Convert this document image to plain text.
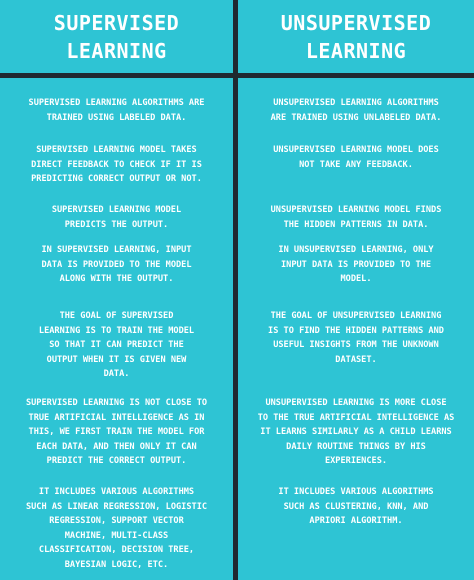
SUPERVISED
LEARNING
SUPERVISED LEARNING ALGORITHMS ARE
TRAINED USING LABELED DATA.
SUPERVISED LEARNING MODEL TAKES
DIRECT FEEDBACK TO CHECK IF IT IS
PREDICTING CORRECT OUTPUT OR NOT.
SUPERVISED LEARNING MODEL
PREDICTS THE OUTPUT.
IN SUPERVISED LEARNING, INPUT
DATA IS PROVIDED TO THE MODEL
ALONG WITH THE OUTPUT.
THE GOAL OF SUPERVISED
LEARNING IS TO TRAIN THE MODEL
SO THAT IT CAN PREDICT THE
OUTPUT WHEN IT IS GIVEN NEW
DATA.
SUPERVISED LEARNING IS NOT CLOSE TO
TRUE ARTIFICIAL INTELLIGENCE AS IN
THIS, WE FIRST TRAIN THE MODEL FOR
EACH DATA, AND THEN ONLY IT CAN
PREDICT THE CORRECT OUTPUT.
IT INCLUDES VARIOUS ALGORITHMS
SUCH AS LINEAR REGRESSION, LOGISTIC
REGRESSION, SUPPORT VECTOR
MACHINE, MULTI-CLASS
CLASSIFICATION, DECISION TREE,
BAYESIAN LOGIC, ETC.
UNSUPERVISED
LEARNING
UNSUPERVISED LEARNING ALGORITHMS
ARE TRAINED USING UNLABELED DATA.
UNSUPERVISED LEARNING MODEL DOES
NOT TAKE ANY FEEDBACK.
UNSUPERVISED LEARNING MODEL FINDS
THE HIDDEN PATTERNS IN DATA.
IN UNSUPERVISED LEARNING, ONLY
INPUT DATA IS PROVIDED TO THE
MODEL.
THE GOAL OF UNSUPERVISED LEARNING
IS TO FIND THE HIDDEN PATTERNS AND
USEFUL INSIGHTS FROM THE UNKNOWN
DATASET.
UNSUPERVISED LEARNING IS MORE CLOSE
TO THE TRUE ARTIFICIAL INTELLIGENCE AS
IT LEARNS SIMILARLY AS A CHILD LEARNS
DAILY ROUTINE THINGS BY HIS
EXPERIENCES.
IT INCLUDES VARIOUS ALGORITHMS
SUCH AS CLUSTERING, KNN, AND
APRIORI ALGORITHM.
